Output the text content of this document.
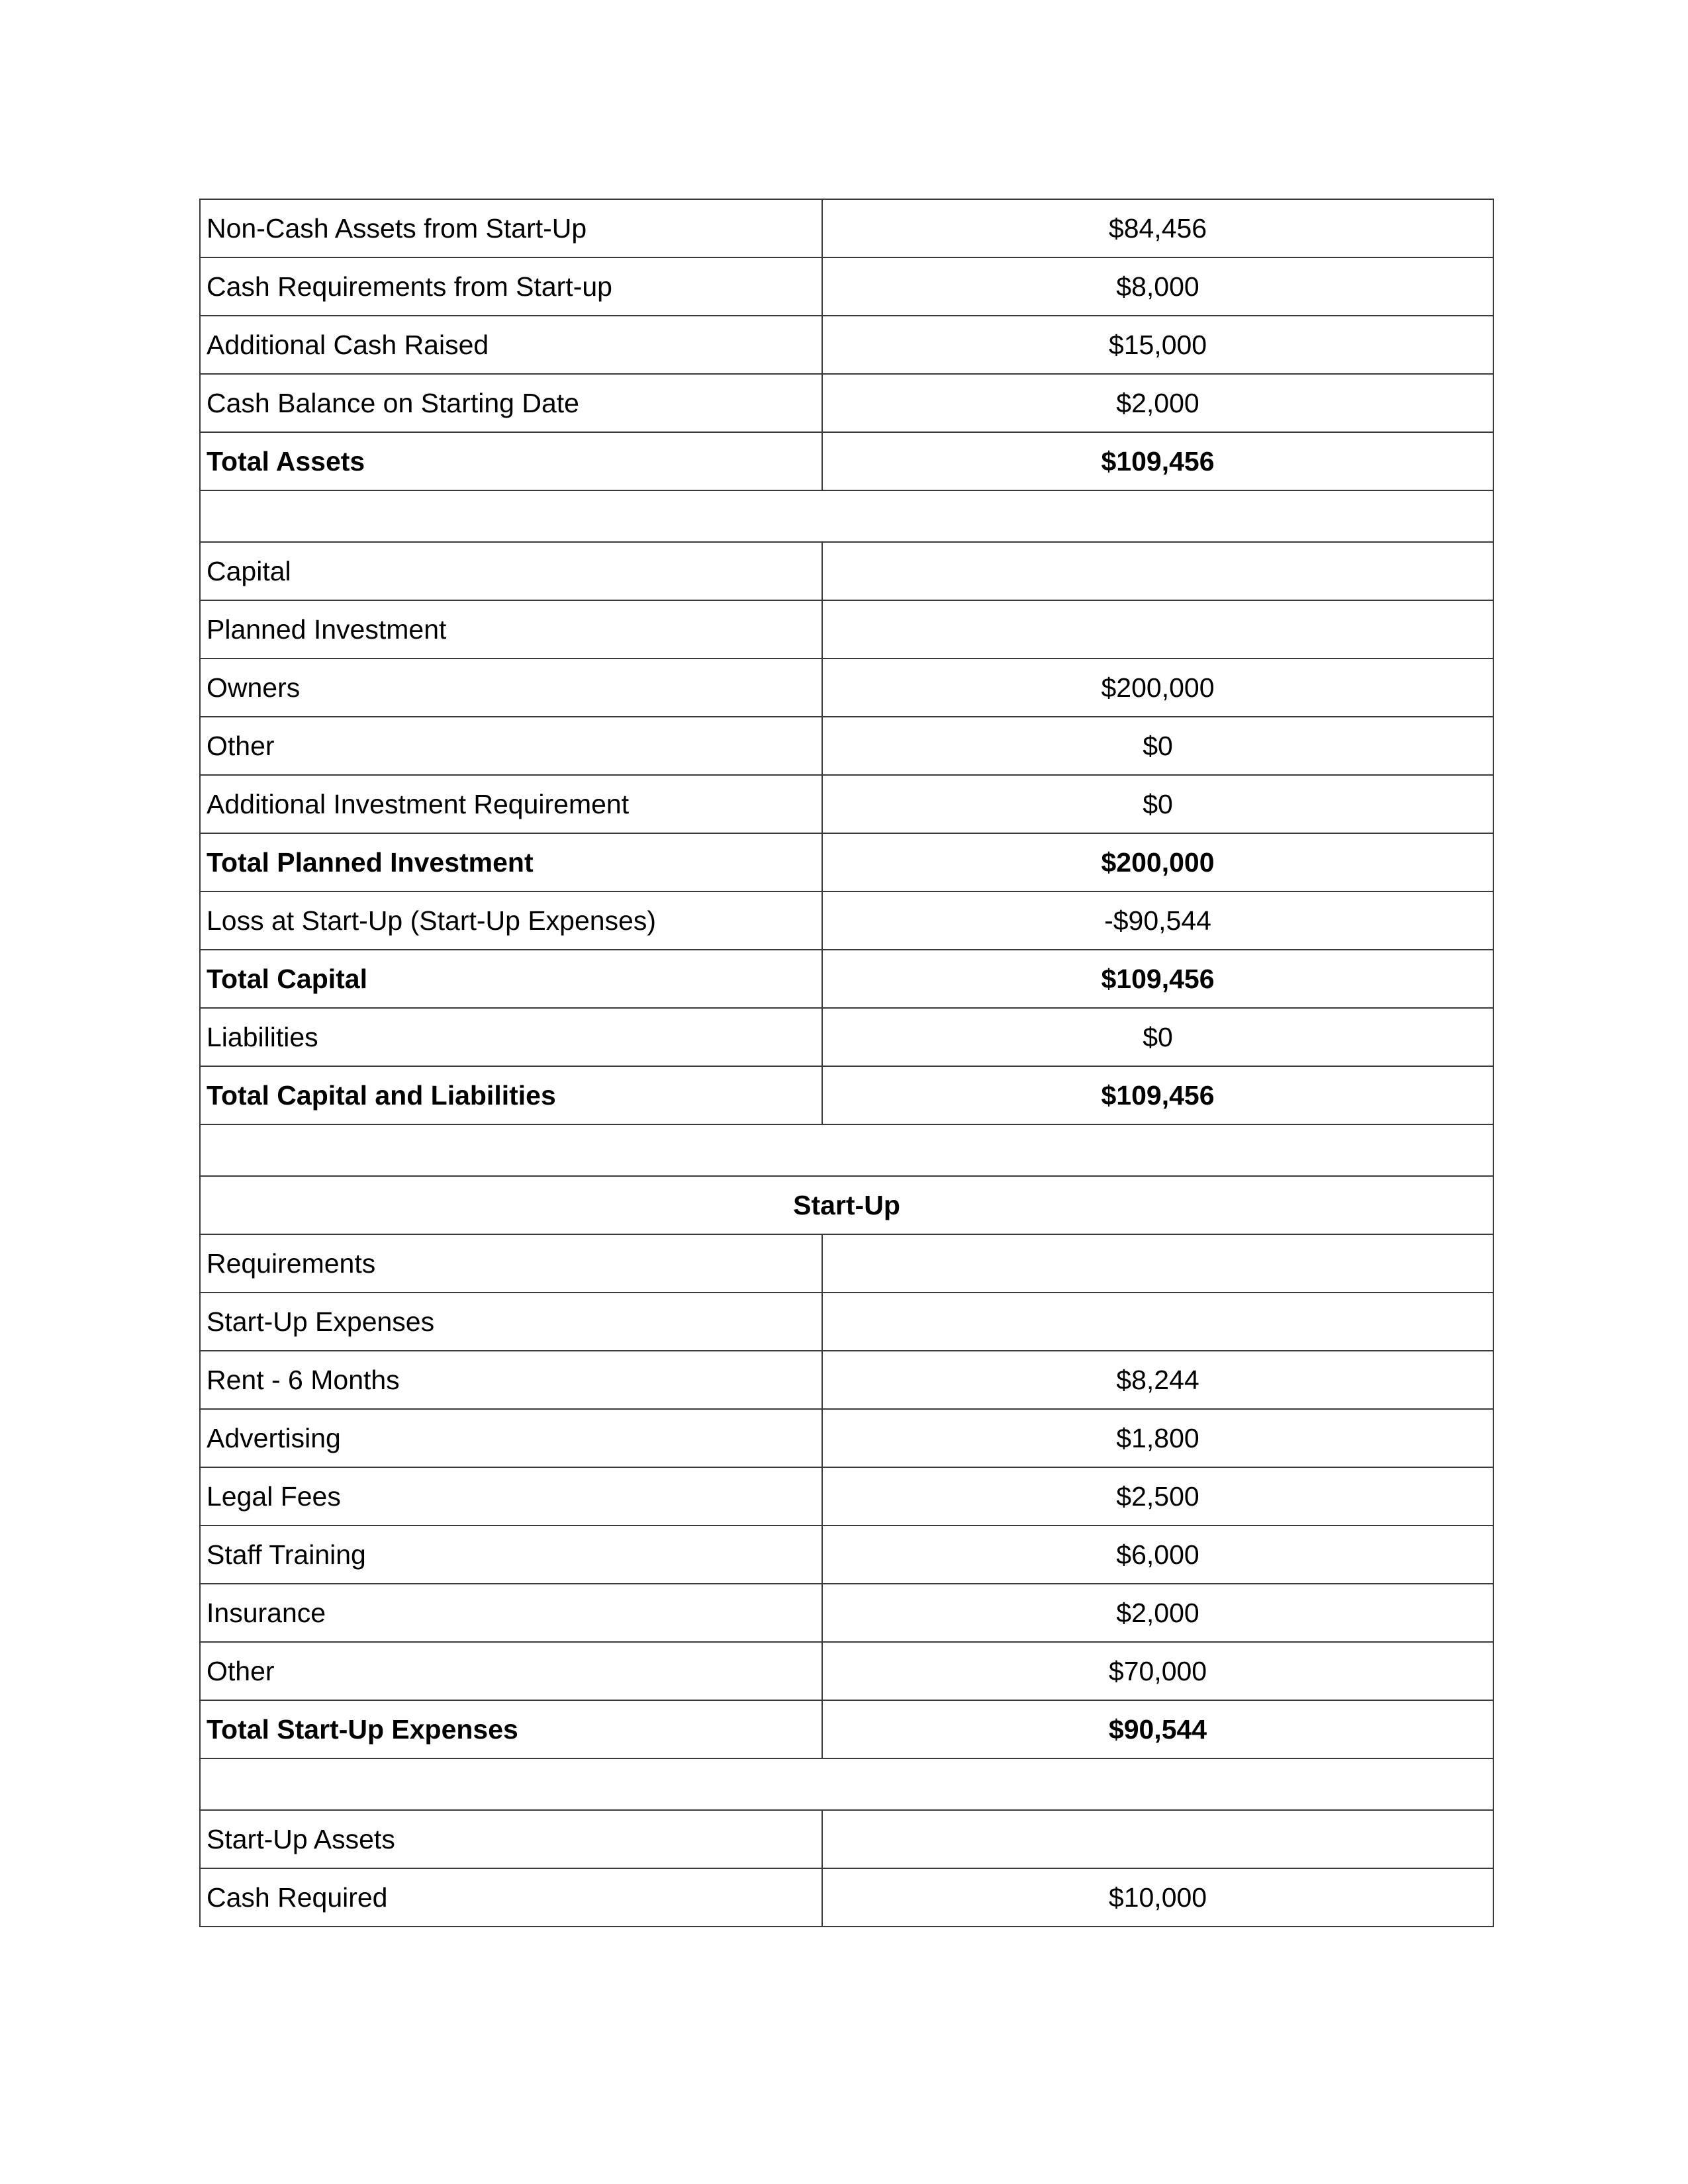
Non-Cash Assets from Start-Up	$84,456
Cash Requirements from Start-up	$8,000
Additional Cash Raised	$15,000
Cash Balance on Starting Date	$2,000
Total Assets	$109,456

Capital	
Planned Investment	
Owners	$200,000
Other	$0
Additional Investment Requirement	$0
Total Planned Investment	$200,000
Loss at Start-Up (Start-Up Expenses)	-$90,544
Total Capital	$109,456
Liabilities	$0
Total Capital and Liabilities	$109,456

Start-Up	
Requirements	
Start-Up Expenses	
Rent - 6 Months	$8,244
Advertising	$1,800
Legal Fees	$2,500
Staff Training	$6,000
Insurance	$2,000
Other	$70,000
Total Start-Up Expenses	$90,544

Start-Up Assets	
Cash Required	$10,000
